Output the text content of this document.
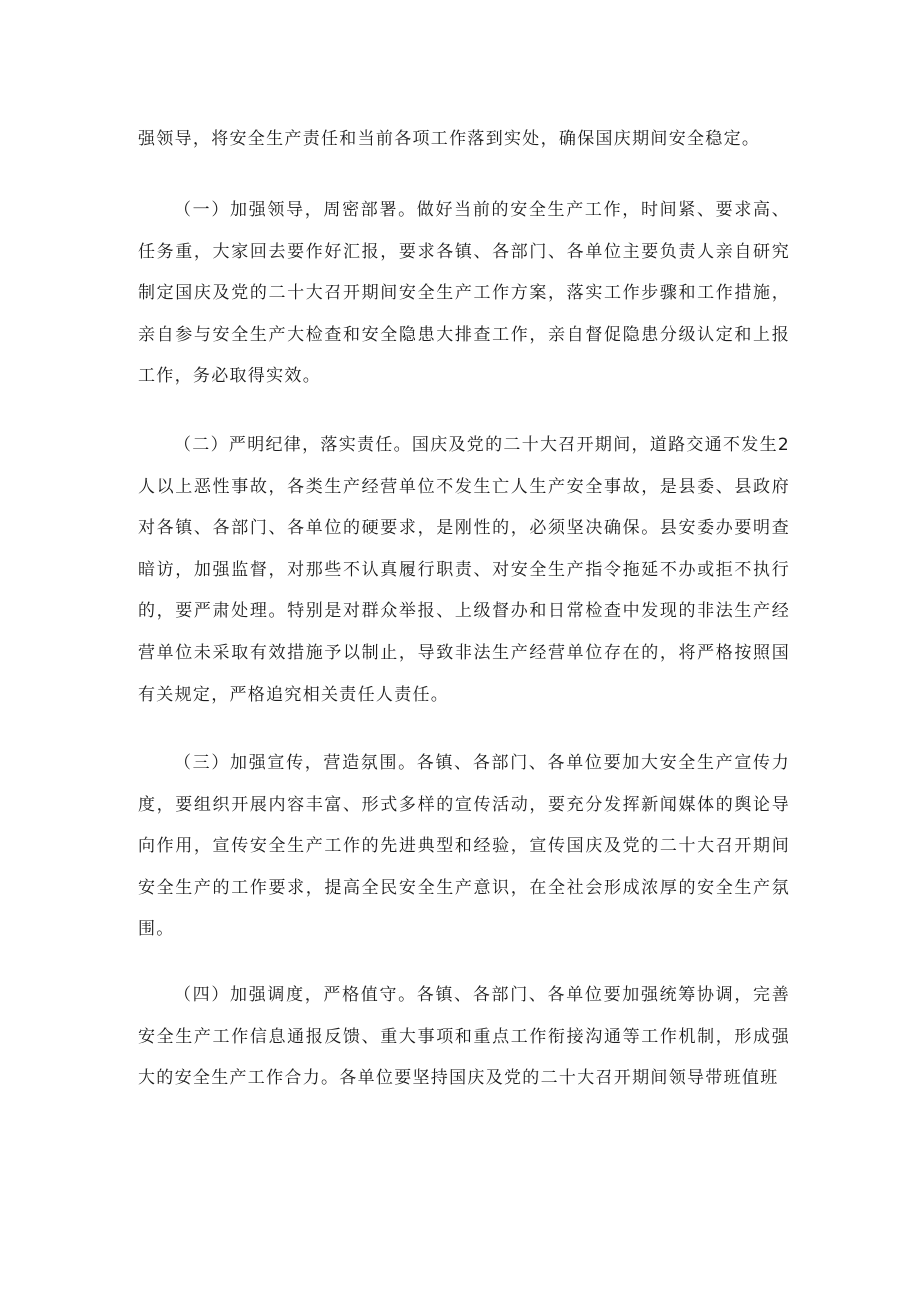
强领导，将安全生产责任和当前各项工作落到实处，确保国庆期间安全稳定。

（一）加强领导，周密部署。做好当前的安全生产工作，时间紧、要求高、任务重，大家回去要作好汇报，要求各镇、各部门、各单位主要负责人亲自研究制定国庆及党的二十大召开期间安全生产工作方案，落实工作步骤和工作措施，亲自参与安全生产大检查和安全隐患大排查工作，亲自督促隐患分级认定和上报工作，务必取得实效。

（二）严明纪律，落实责任。国庆及党的二十大召开期间，道路交通不发生2人以上恶性事故，各类生产经营单位不发生亡人生产安全事故，是县委、县政府对各镇、各部门、各单位的硬要求，是刚性的，必须坚决确保。县安委办要明查暗访，加强监督，对那些不认真履行职责、对安全生产指令拖延不办或拒不执行的，要严肃处理。特别是对群众举报、上级督办和日常检查中发现的非法生产经营单位未采取有效措施予以制止，导致非法生产经营单位存在的，将严格按照国有关规定，严格追究相关责任人责任。

（三）加强宣传，营造氛围。各镇、各部门、各单位要加大安全生产宣传力度，要组织开展内容丰富、形式多样的宣传活动，要充分发挥新闻媒体的舆论导向作用，宣传安全生产工作的先进典型和经验，宣传国庆及党的二十大召开期间安全生产的工作要求，提高全民安全生产意识，在全社会形成浓厚的安全生产氛围。

（四）加强调度，严格值守。各镇、各部门、各单位要加强统筹协调，完善安全生产工作信息通报反馈、重大事项和重点工作衔接沟通等工作机制，形成强大的安全生产工作合力。各单位要坚持国庆及党的二十大召开期间领导带班值班
